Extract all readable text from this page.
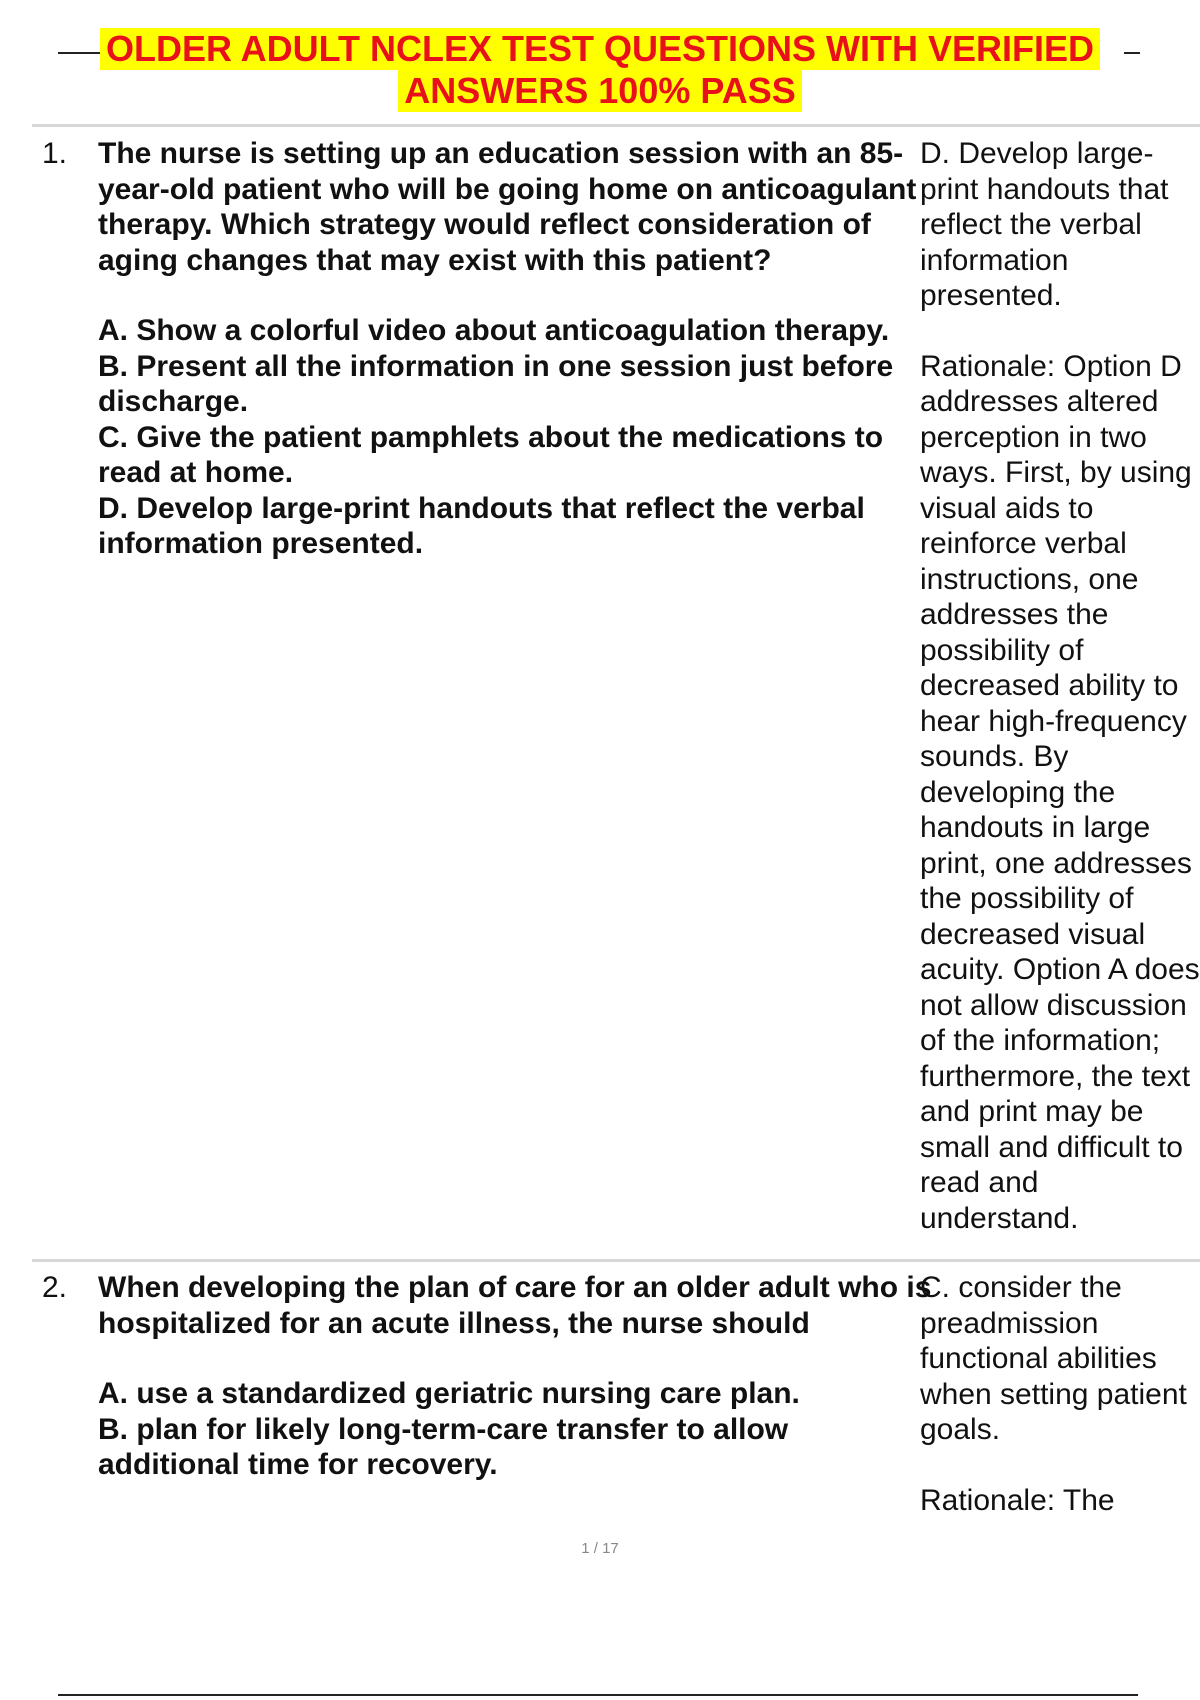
OLDER ADULT NCLEX TEST QUESTIONS WITH VERIFIED
ANSWERS 100% PASS
1. The nurse is setting up an education session with an 85-year-old patient who will be going home on anticoagulant therapy. Which strategy would reflect consideration of aging changes that may exist with this patient?

A. Show a colorful video about anticoagulation therapy.

B. Present all the information in one session just before discharge.

C. Give the patient pamphlets about the medications to read at home.

D. Develop large-print handouts that reflect the verbal information presented.

D. Develop large-print handouts that reflect the verbal information presented.

Rationale: Option D addresses altered perception in two ways. First, by using visual aids to reinforce verbal instructions, one addresses the possibility of decreased ability to hear high-frequency sounds. By developing the handouts in large print, one addresses the possibility of decreased visual acuity. Option A does not allow discussion of the information; furthermore, the text and print may be small and difficult to read and understand.

2. When developing the plan of care for an older adult who is hospitalized for an acute illness, the nurse should

A. use a standardized geriatric nursing care plan.

B. plan for likely long-term-care transfer to allow additional time for recovery.

C. consider the preadmission functional abilities when setting patient goals.

Rationale: The

1 / 17
